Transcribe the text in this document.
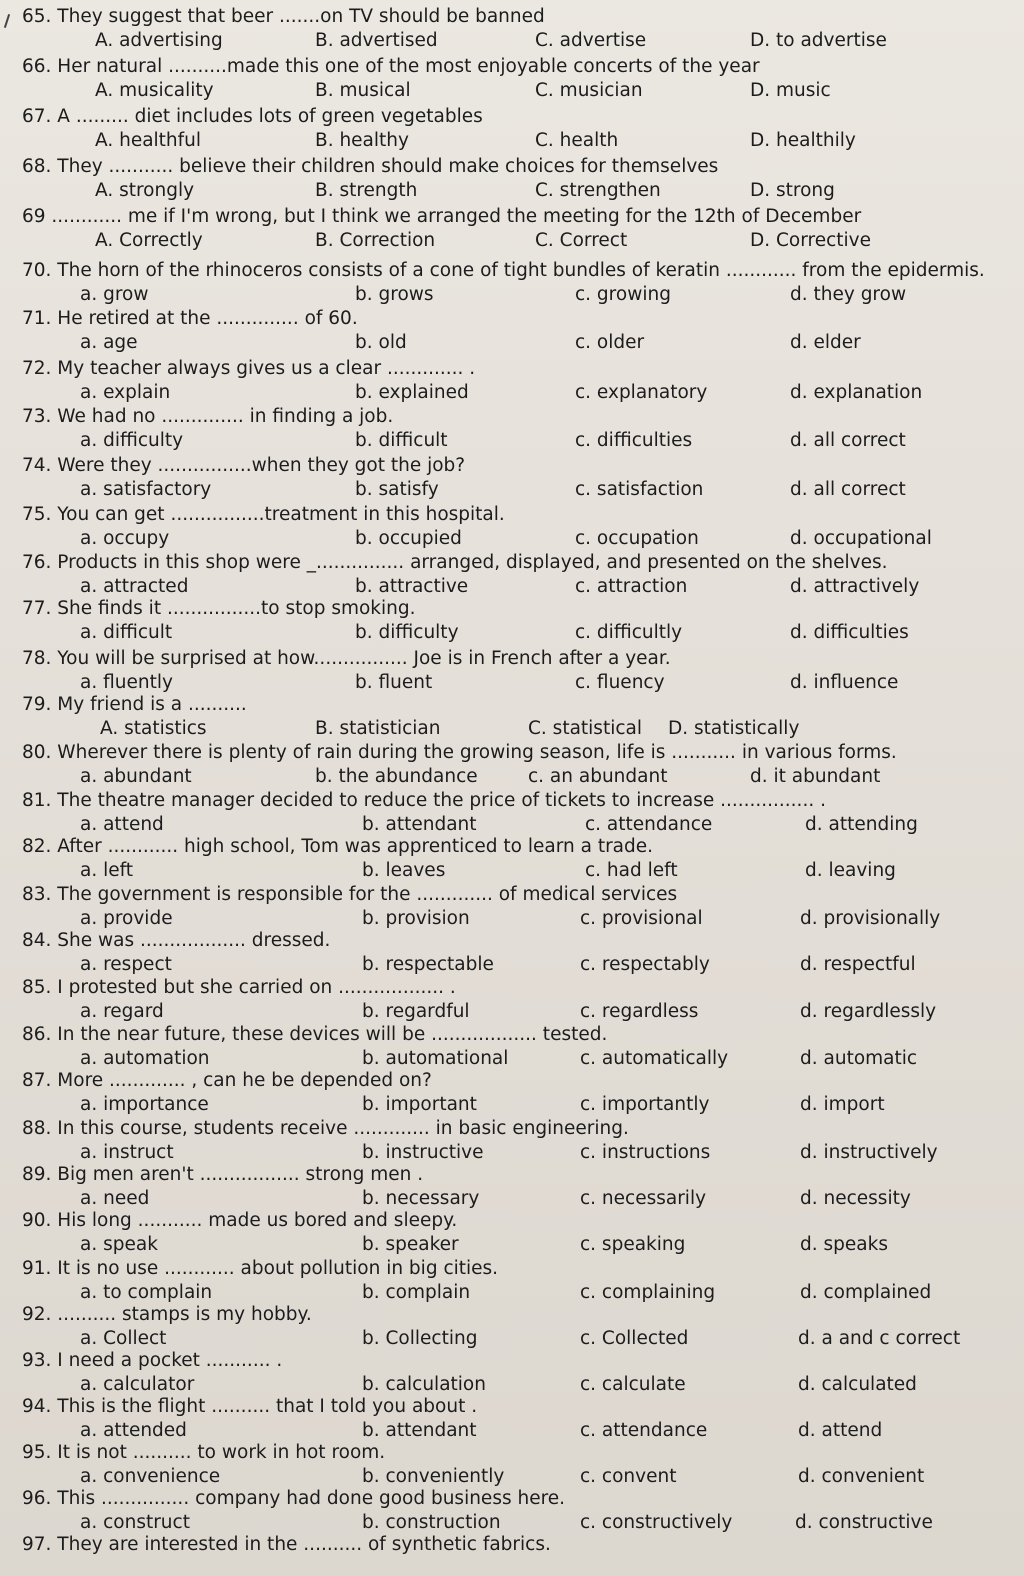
65. They suggest that beer .......on TV should be banned
A. advertising	B. advertised	C. advertise	D. to advertise
66. Her natural ..........made this one of the most enjoyable concerts of the year
A. musicality	B. musical	C. musician	D. music
67. A ......... diet includes lots of green vegetables
A. healthful	B. healthy	C. health	D. healthily
68. They ........... believe their children should make choices for themselves
A. strongly	B. strength	C. strengthen	D. strong
69 ............ me if I'm wrong, but I think we arranged the meeting for the 12th of December
A. Correctly	B. Correction	C. Correct	D. Corrective
70. The horn of the rhinoceros consists of a cone of tight bundles of keratin ............ from the epidermis.
a. grow	b. grows	c. growing	d. they grow
71. He retired at the .............. of 60.
a. age	b. old	c. older	d. elder
72. My teacher always gives us a clear ............. .
a. explain	b. explained	c. explanatory	d. explanation
73. We had no .............. in finding a job.
a. difficulty	b. difficult	c. difficulties	d. all correct
74. Were they ................when they got the job?
a. satisfactory	b. satisfy	c. satisfaction	d. all correct
75. You can get ................treatment in this hospital.
a. occupy	b. occupied	c. occupation	d. occupational
76. Products in this shop were _............... arranged, displayed, and presented on the shelves.
a. attracted	b. attractive	c. attraction	d. attractively
77. She finds it ................to stop smoking.
a. difficult	b. difficulty	c. difficultly	d. difficulties
78. You will be surprised at how................ Joe is in French after a year.
a. fluently	b. fluent	c. fluency	d. influence
79. My friend is a ..........
A. statistics	B. statistician	C. statistical D. statistically
80. Wherever there is plenty of rain during the growing season, life is ........... in various forms.
a. abundant	b. the abundance	c. an abundant	d. it abundant
81. The theatre manager decided to reduce the price of tickets to increase ................ .
a. attend	b. attendant	c. attendance	d. attending
82. After ............ high school, Tom was apprenticed to learn a trade.
a. left	b. leaves	c. had left	d. leaving
83. The government is responsible for the ............. of medical services
a. provide	b. provision	c. provisional	d. provisionally
84. She was .................. dressed.
a. respect	b. respectable	c. respectably	d. respectful
85. I protested but she carried on .................. .
a. regard	b. regardful	c. regardless	d. regardlessly
86. In the near future, these devices will be .................. tested.
a. automation	b. automational	c. automatically	d. automatic
87. More ............. , can he be depended on?
a. importance	b. important	c. importantly	d. import
88. In this course, students receive ............. in basic engineering.
a. instruct	b. instructive	c. instructions	d. instructively
89. Big men aren't ................. strong men .
a. need	b. necessary	c. necessarily	d. necessity
90. His long ........... made us bored and sleepy.
a. speak	b. speaker	c. speaking	d. speaks
91. It is no use ............ about pollution in big cities.
a. to complain	b. complain	c. complaining	d. complained
92. .......... stamps is my hobby.
a. Collect	b. Collecting	c. Collected	d. a and c correct
93. I need a pocket ........... .
a. calculator	b. calculation	c. calculate	d. calculated
94. This is the flight .......... that I told you about .
a. attended	b. attendant	c. attendance	d. attend
95. It is not .......... to work in hot room.
a. convenience	b. conveniently	c. convent	d. convenient
96. This ............... company had done good business here.
a. construct	b. construction	c. constructively	d. constructive
97. They are interested in the .......... of synthetic fabrics.
